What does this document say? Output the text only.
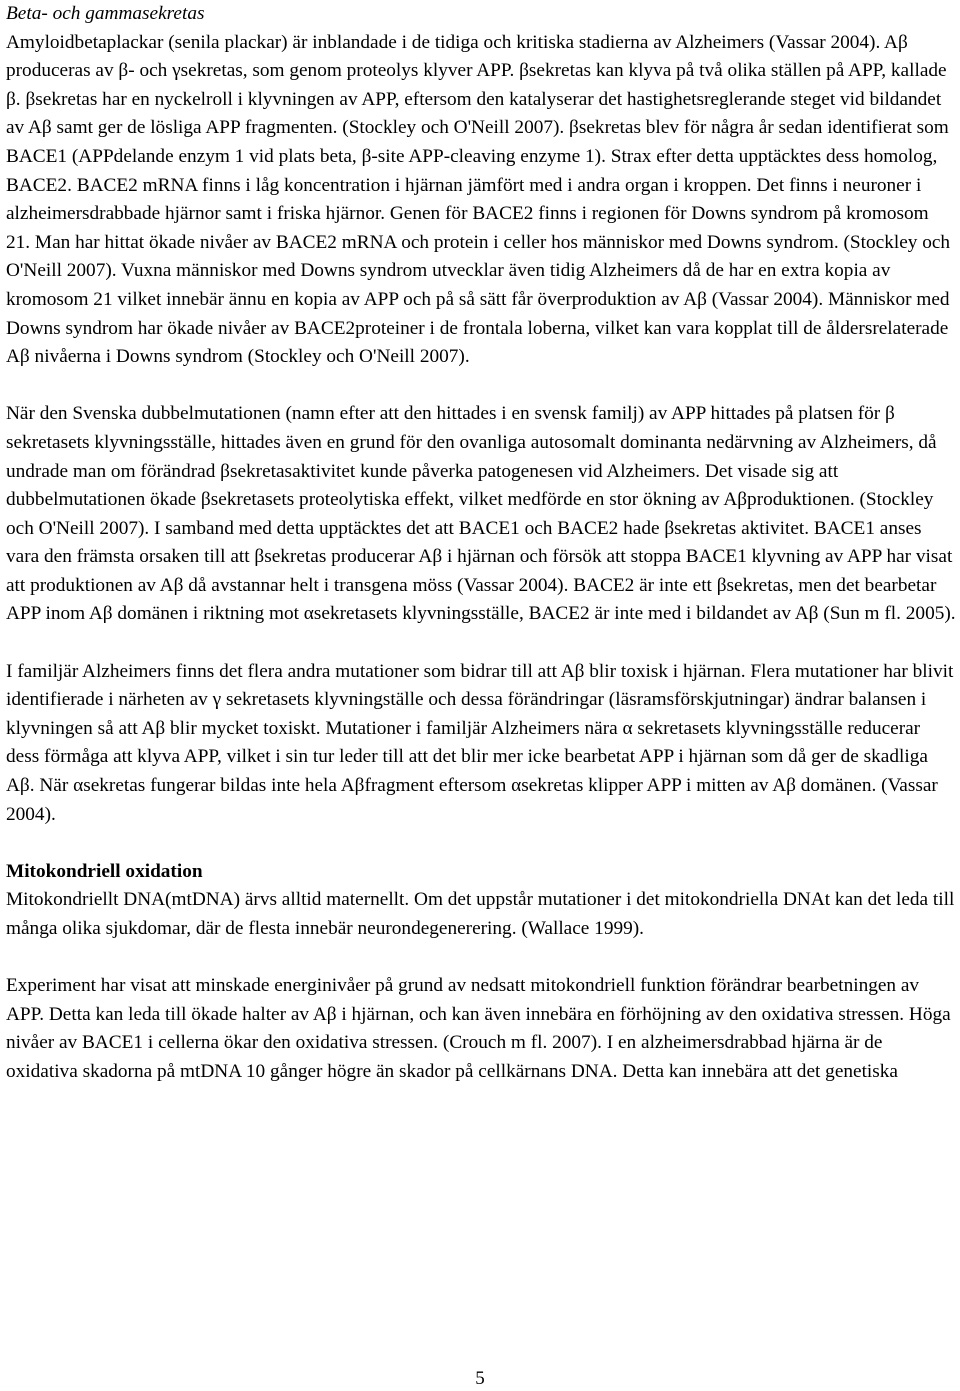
Beta- och gammasekretas

Amyloidbetaplackar (senila plackar) är inblandade i de tidiga och kritiska stadierna av Alzheimers (Vassar 2004). Aβ produceras av β- och γsekretas, som genom proteolys klyver APP. βsekretas kan klyva på två olika ställen på APP, kallade β. βsekretas har en nyckelroll i klyvningen av APP, eftersom den katalyserar det hastighetsreglerande steget vid bildandet av Aβ samt ger de lösliga APP fragmenten. (Stockley och O'Neill 2007). βsekretas blev för några år sedan identifierat som BACE1 (APPdelande enzym 1 vid plats beta, β-site APP-cleaving enzyme 1). Strax efter detta upptäcktes dess homolog, BACE2. BACE2 mRNA finns i låg koncentration i hjärnan jämfört med i andra organ i kroppen. Det finns i neuroner i alzheimersdrabbade hjärnor samt i friska hjärnor. Genen för BACE2 finns i regionen för Downs syndrom på kromosom 21. Man har hittat ökade nivåer av BACE2 mRNA och protein i celler hos människor med Downs syndrom. (Stockley och O'Neill 2007). Vuxna människor med Downs syndrom utvecklar även tidig Alzheimers då de har en extra kopia av kromosom 21 vilket innebär ännu en kopia av APP och på så sätt får överproduktion av Aβ (Vassar 2004). Människor med Downs syndrom har ökade nivåer av BACE2proteiner i de frontala loberna, vilket kan vara kopplat till de åldersrelaterade Aβ nivåerna i Downs syndrom (Stockley och O'Neill 2007).

När den Svenska dubbelmutationen (namn efter att den hittades i en svensk familj) av APP hittades på platsen för β sekretasets klyvningsställe, hittades även en grund för den ovanliga autosomalt dominanta nedärvning av Alzheimers, då undrade man om förändrad βsekretasaktivitet kunde påverka patogenesen vid Alzheimers. Det visade sig att dubbelmutationen ökade βsekretasets proteolytiska effekt, vilket medförde en stor ökning av Aβproduktionen. (Stockley och O'Neill 2007). I samband med detta upptäcktes det att BACE1 och BACE2 hade βsekretas aktivitet. BACE1 anses vara den främsta orsaken till att βsekretas producerar Aβ i hjärnan och försök att stoppa BACE1 klyvning av APP har visat att produktionen av Aβ då avstannar helt i transgena möss (Vassar 2004). BACE2 är inte ett βsekretas, men det bearbetar APP inom Aβ domänen i riktning mot αsekretasets klyvningsställe, BACE2 är inte med i bildandet av Aβ (Sun m fl. 2005).

I familjär Alzheimers finns det flera andra mutationer som bidrar till att Aβ blir toxisk i hjärnan. Flera mutationer har blivit identifierade i närheten av γ sekretasets klyvningställe och dessa förändringar (läsramsförskjutningar) ändrar balansen i klyvningen så att Aβ blir mycket toxiskt. Mutationer i familjär Alzheimers nära α sekretasets klyvningsställe reducerar dess förmåga att klyva APP, vilket i sin tur leder till att det blir mer icke bearbetat APP i hjärnan som då ger de skadliga Aβ. När αsekretas fungerar bildas inte hela Aβfragment eftersom αsekretas klipper APP i mitten av Aβ domänen. (Vassar 2004).

Mitokondriell oxidation

Mitokondriellt DNA(mtDNA) ärvs alltid maternellt. Om det uppstår mutationer i det mitokondriella DNAt kan det leda till många olika sjukdomar, där de flesta innebär neurondegenerering. (Wallace 1999).

Experiment har visat att minskade energinivåer på grund av nedsatt mitokondriell funktion förändrar bearbetningen av APP. Detta kan leda till ökade halter av Aβ i hjärnan, och kan även innebära en förhöjning av den oxidativa stressen. Höga nivåer av BACE1 i cellerna ökar den oxidativa stressen. (Crouch m fl. 2007). I en alzheimersdrabbad hjärna är de oxidativa skadorna på mtDNA 10 gånger högre än skador på cellkärnans DNA. Detta kan innebära att det genetiska

5
